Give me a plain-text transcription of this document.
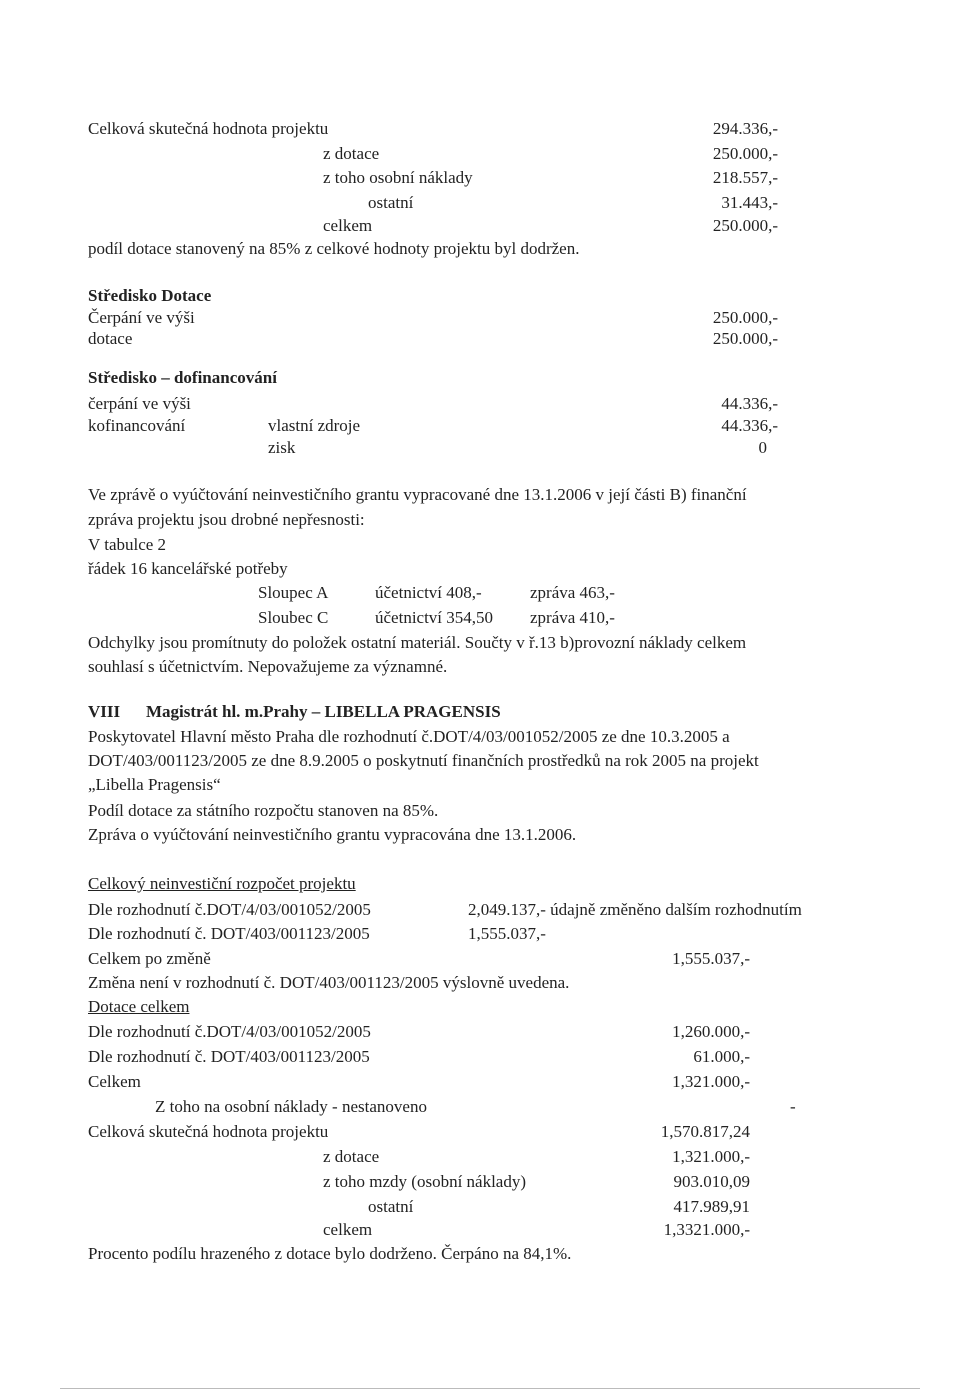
Celková skutečná hodnota projektu	294.336,-
z dotace	250.000,-
z toho osobní náklady	218.557,-
ostatní	31.443,-
celkem	250.000,-
podíl dotace stanovený na 85% z celkové hodnoty projektu byl dodržen.
Středisko Dotace
Čerpání ve výši	250.000,-
dotace	250.000,-
Středisko – dofinancování
čerpání ve výši	44.336,-
kofinancování	vlastní zdroje	44.336,-
zisk	0
Ve zprávě o vyúčtování neinvestičního grantu vypracované dne 13.1.2006 v její části B) finanční
zpráva projektu jsou drobné nepřesnosti:
V tabulce 2
řádek 16 kancelářské potřeby
Sloupec A	účetnictví 408,-	zpráva 463,-
Sloubec C	účetnictví 354,50 zpráva 410,-
Odchylky jsou promítnuty do položek ostatní materiál. Součty v ř.13 b)provozní náklady celkem
souhlasí s účetnictvím. Nepovažujeme za významné.
VIII Magistrát hl. m.Prahy – LIBELLA PRAGENSIS
Poskytovatel Hlavní město Praha dle rozhodnutí č.DOT/4/03/001052/2005 ze dne 10.3.2005 a
DOT/403/001123/2005 ze dne 8.9.2005 o poskytnutí finančních prostředků na rok 2005 na projekt
„Libella Pragensis“
Podíl dotace za státního rozpočtu stanoven na 85%.
Zpráva o vyúčtování neinvestičního grantu vypracována dne 13.1.2006.
Celkový neinvestiční rozpočet projektu
Dle rozhodnutí č.DOT/4/03/001052/2005	2,049.137,- údajně změněno dalším rozhodnutím
Dle rozhodnutí č. DOT/403/001123/2005	1,555.037,-
Celkem po změně	1,555.037,-
Změna není v rozhodnutí č. DOT/403/001123/2005 výslovně uvedena.
Dotace celkem
Dle rozhodnutí č.DOT/4/03/001052/2005	1,260.000,-
Dle rozhodnutí č. DOT/403/001123/2005	61.000,-
Celkem	1,321.000,-
Z toho na osobní náklady - nestanoveno	-
Celková skutečná hodnota projektu	1,570.817,24
z dotace	1,321.000,-
z toho mzdy (osobní náklady)	903.010,09
ostatní	417.989,91
celkem	1,3321.000,-
Procento podílu hrazeného z dotace bylo dodrženo. Čerpáno na 84,1%.
